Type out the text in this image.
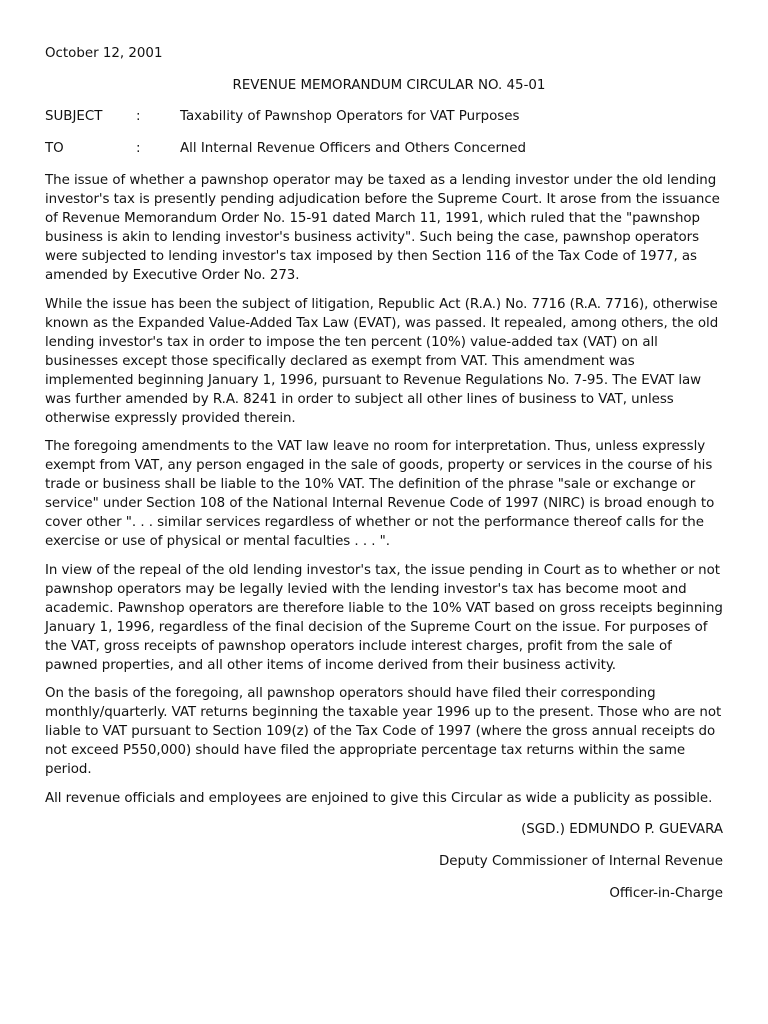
October 12, 2001
REVENUE MEMORANDUM CIRCULAR NO. 45-01
SUBJECT	:	Taxability of Pawnshop Operators for VAT Purposes
TO	:	All Internal Revenue Officers and Others Concerned

The issue of whether a pawnshop operator may be taxed as a lending investor under the old lending investor's tax is presently pending adjudication before the Supreme Court. It arose from the issuance of Revenue Memorandum Order No. 15-91 dated March 11, 1991, which ruled that the "pawnshop business is akin to lending investor's business activity". Such being the case, pawnshop operators were subjected to lending investor's tax imposed by then Section 116 of the Tax Code of 1977, as amended by Executive Order No. 273.

While the issue has been the subject of litigation, Republic Act (R.A.) No. 7716 (R.A. 7716), otherwise known as the Expanded Value-Added Tax Law (EVAT), was passed. It repealed, among others, the old lending investor's tax in order to impose the ten percent (10%) value-added tax (VAT) on all businesses except those specifically declared as exempt from VAT. This amendment was implemented beginning January 1, 1996, pursuant to Revenue Regulations No. 7-95. The EVAT law was further amended by R.A. 8241 in order to subject all other lines of business to VAT, unless otherwise expressly provided therein.

The foregoing amendments to the VAT law leave no room for interpretation. Thus, unless expressly exempt from VAT, any person engaged in the sale of goods, property or services in the course of his trade or business shall be liable to the 10% VAT. The definition of the phrase "sale or exchange or service" under Section 108 of the National Internal Revenue Code of 1997 (NIRC) is broad enough to cover other ". . . similar services regardless of whether or not the performance thereof calls for the exercise or use of physical or mental faculties . . . ".

In view of the repeal of the old lending investor's tax, the issue pending in Court as to whether or not pawnshop operators may be legally levied with the lending investor's tax has become moot and academic. Pawnshop operators are therefore liable to the 10% VAT based on gross receipts beginning January 1, 1996, regardless of the final decision of the Supreme Court on the issue. For purposes of the VAT, gross receipts of pawnshop operators include interest charges, profit from the sale of pawned properties, and all other items of income derived from their business activity.

On the basis of the foregoing, all pawnshop operators should have filed their corresponding monthly/quarterly. VAT returns beginning the taxable year 1996 up to the present. Those who are not liable to VAT pursuant to Section 109(z) of the Tax Code of 1997 (where the gross annual receipts do not exceed P550,000) should have filed the appropriate percentage tax returns within the same period.

All revenue officials and employees are enjoined to give this Circular as wide a publicity as possible.

(SGD.) EDMUNDO P. GUEVARA
Deputy Commissioner of Internal Revenue
Officer-in-Charge
